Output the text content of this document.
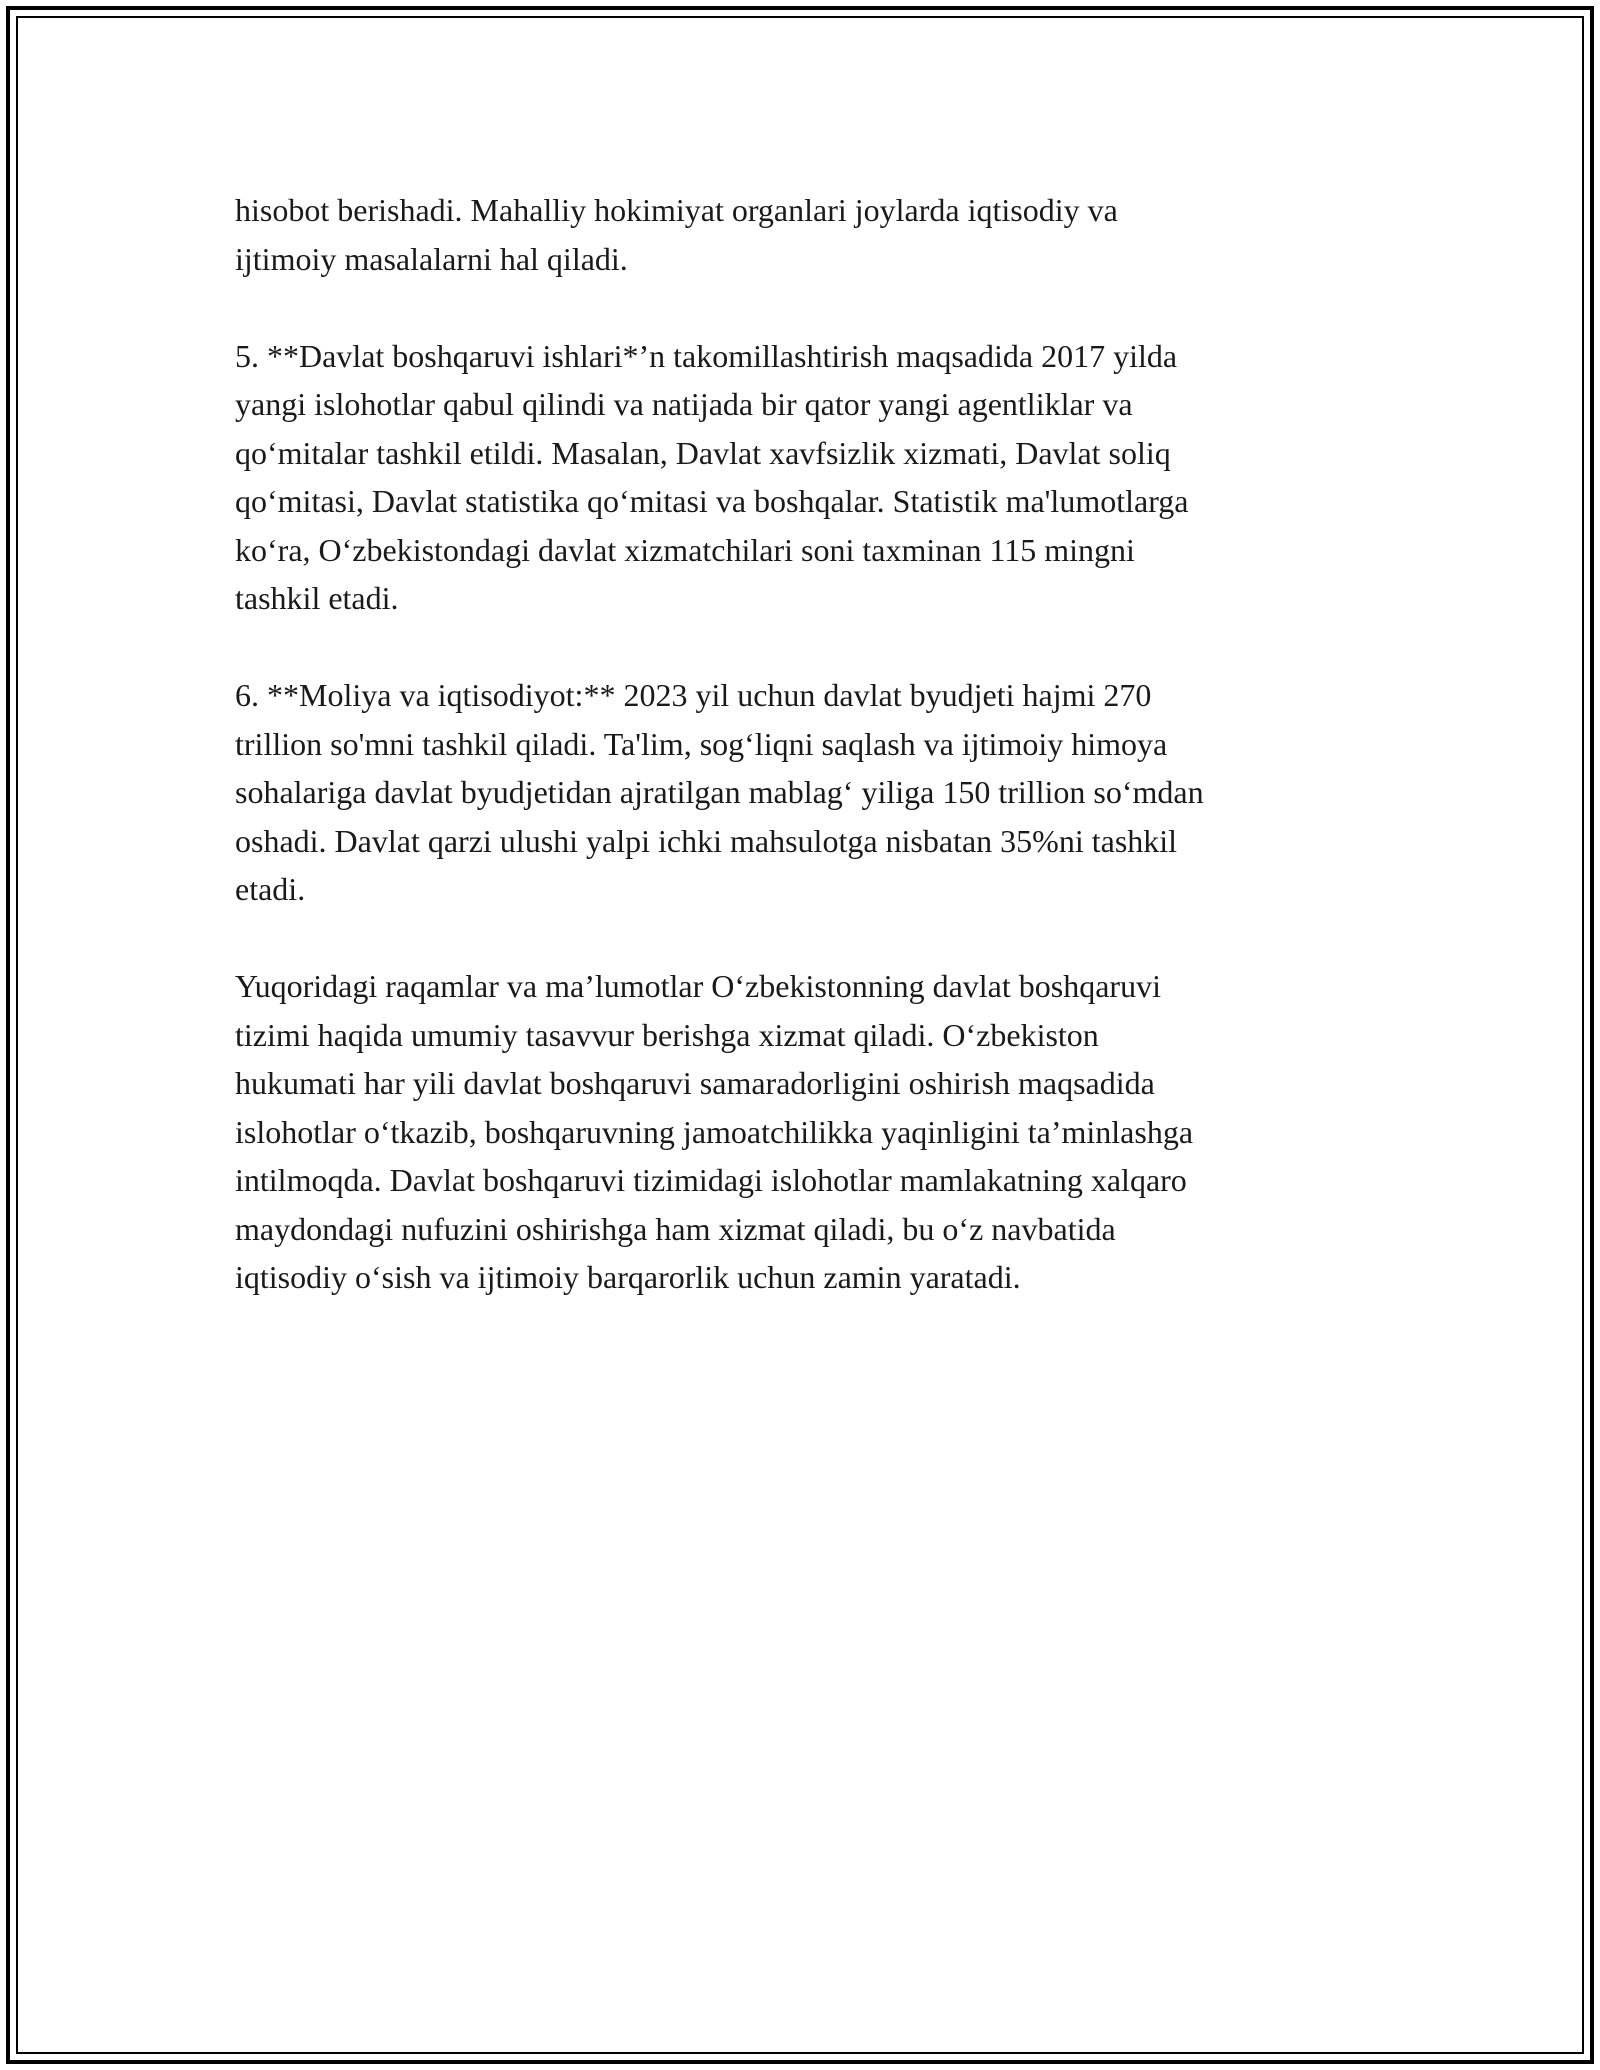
hisobot berishadi. Mahalliy hokimiyat organlari joylarda iqtisodiy va
ijtimoiy masalalarni hal qiladi.

5. **Davlat boshqaruvi ishlari*’n takomillashtirish maqsadida 2017 yilda
yangi islohotlar qabul qilindi va natijada bir qator yangi agentliklar va
qo‘mitalar tashkil etildi. Masalan, Davlat xavfsizlik xizmati, Davlat soliq
qo‘mitasi, Davlat statistika qo‘mitasi va boshqalar. Statistik ma'lumotlarga
ko‘ra, O‘zbekistondagi davlat xizmatchilari soni taxminan 115 mingni
tashkil etadi.

6. **Moliya va iqtisodiyot:** 2023 yil uchun davlat byudjeti hajmi 270
trillion so'mni tashkil qiladi. Ta'lim, sog‘liqni saqlash va ijtimoiy himoya
sohalariga davlat byudjetidan ajratilgan mablag‘ yiliga 150 trillion so‘mdan
oshadi. Davlat qarzi ulushi yalpi ichki mahsulotga nisbatan 35%ni tashkil
etadi.

Yuqoridagi raqamlar va ma’lumotlar O‘zbekistonning davlat boshqaruvi
tizimi haqida umumiy tasavvur berishga xizmat qiladi. O‘zbekiston
hukumati har yili davlat boshqaruvi samaradorligini oshirish maqsadida
islohotlar o‘tkazib, boshqaruvning jamoatchilikka yaqinligini ta’minlashga
intilmoqda. Davlat boshqaruvi tizimidagi islohotlar mamlakatning xalqaro
maydondagi nufuzini oshirishga ham xizmat qiladi, bu o‘z navbatida
iqtisodiy o‘sish va ijtimoiy barqarorlik uchun zamin yaratadi.
